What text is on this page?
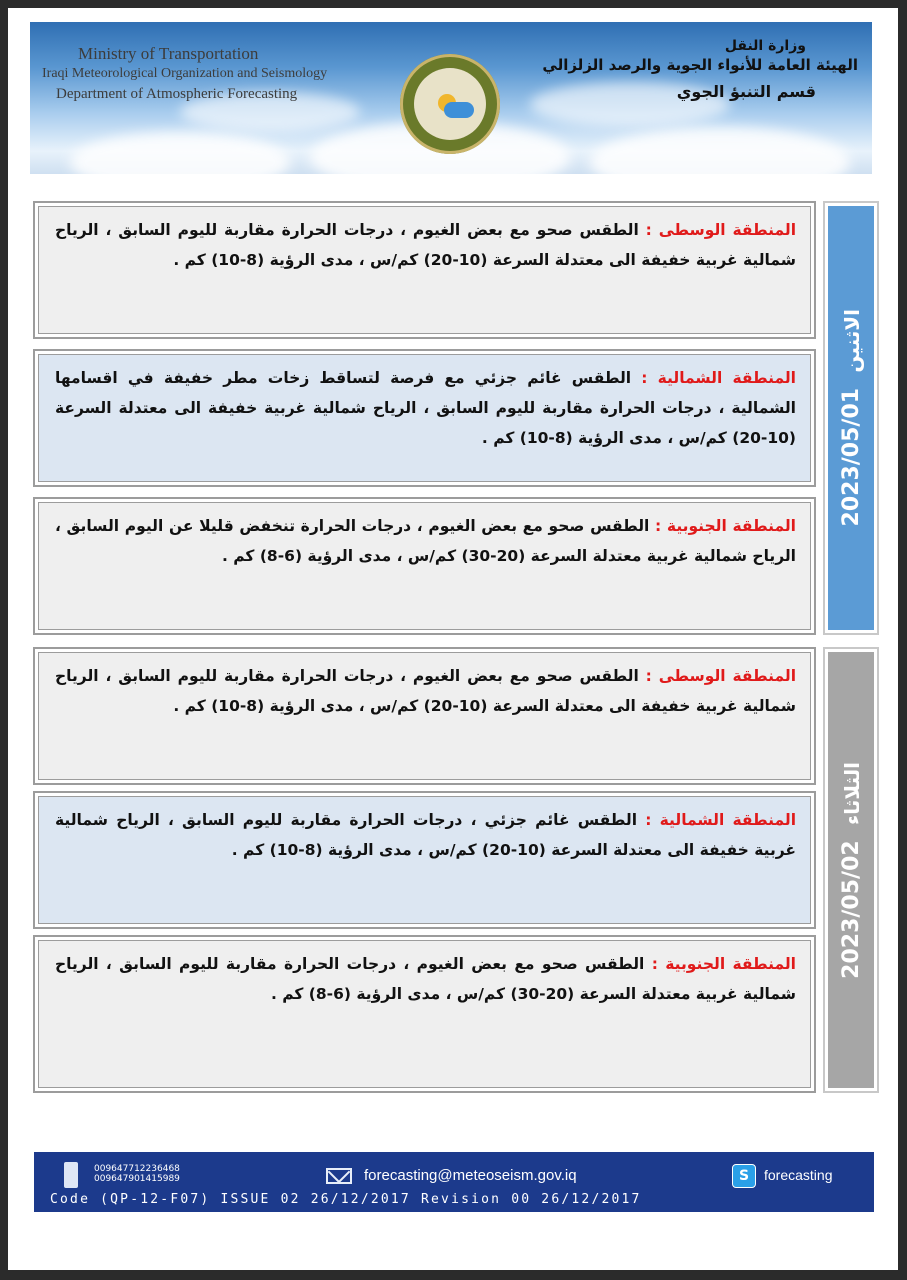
Ministry of Transportation
Iraqi Meteorological Organization and Seismology
Department of Atmospheric Forecasting
وزارة النقل
الهيئة العامة للأنواء الجوية والرصد الزلزالي
قسم التنبؤ الجوي
المنطقة الوسطى : الطقس صحو مع بعض الغيوم ، درجات الحرارة مقاربة لليوم السابق ، الرياح شمالية غربية خفيفة الى معتدلة السرعة (10-20) كم/س ، مدى الرؤية (8-10) كم .
المنطقة الشمالية : الطقس غائم جزئي مع فرصة لتساقط زخات مطر خفيفة في اقسامها الشمالية ، درجات الحرارة مقاربة لليوم السابق ، الرياح شمالية غربية خفيفة الى معتدلة السرعة (10-20) كم/س ، مدى الرؤية (8-10) كم .
المنطقة الجنوبية : الطقس صحو مع بعض الغيوم ، درجات الحرارة تنخفض قليلا عن اليوم السابق ، الرياح شمالية غربية معتدلة السرعة (20-30) كم/س ، مدى الرؤية (6-8) كم .
2023/05/01  الاثنين
المنطقة الوسطى : الطقس صحو مع بعض الغيوم ، درجات الحرارة مقاربة لليوم السابق ، الرياح شمالية غربية خفيفة الى معتدلة السرعة (10-20) كم/س ، مدى الرؤية (8-10) كم .
المنطقة الشمالية : الطقس غائم جزئي ، درجات الحرارة مقاربة لليوم السابق ، الرياح شمالية غربية خفيفة الى معتدلة السرعة (10-20) كم/س ، مدى الرؤية (8-10) كم .
المنطقة الجنوبية : الطقس صحو مع بعض الغيوم ، درجات الحرارة مقاربة لليوم السابق ، الرياح شمالية غربية معتدلة السرعة (20-30) كم/س ، مدى الرؤية (6-8) كم .
2023/05/02  الثلاثاء
009647712236468
009647901415989	forecasting@meteoseism.gov.iq	S	forecasting
Code (QP-12-F07) ISSUE 02 26/12/2017 Revision 00 26/12/2017
